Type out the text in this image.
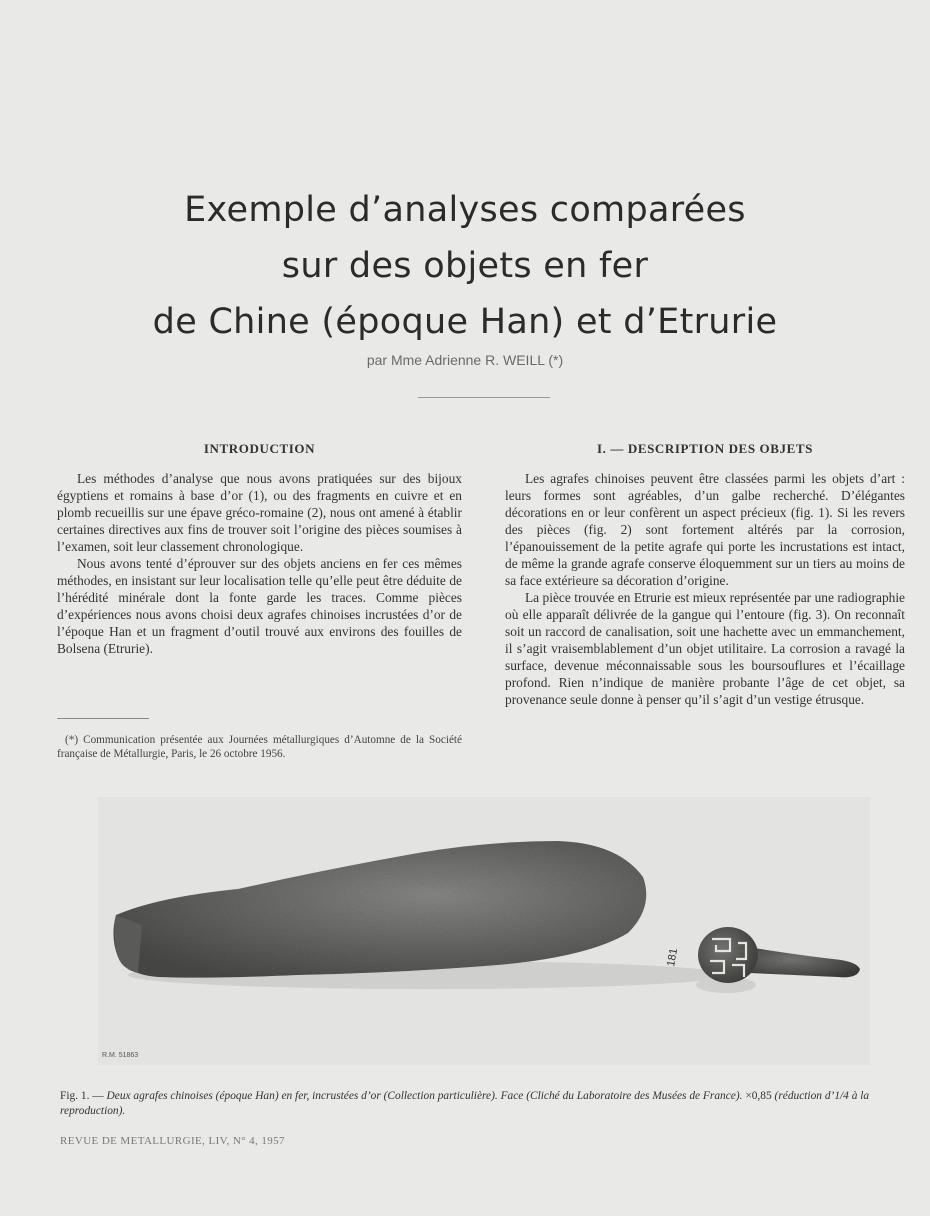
Exemple d’analyses comparées
sur des objets en fer
de Chine (époque Han) et d’Etrurie
par Mme Adrienne R. WEILL (*)
INTRODUCTION

Les méthodes d’analyse que nous avons pratiquées sur des bijoux égyptiens et romains à base d’or (1), ou des fragments en cuivre et en plomb recueillis sur une épave gréco-romaine (2), nous ont amené à établir certaines directives aux fins de trouver soit l’origine des pièces soumises à l’examen, soit leur classement chronologique.

Nous avons tenté d’éprouver sur des objets anciens en fer ces mêmes méthodes, en insistant sur leur localisation telle qu’elle peut être déduite de l’hérédité minérale dont la fonte garde les traces. Comme pièces d’expériences nous avons choisi deux agrafes chinoises incrustées d’or de l’époque Han et un fragment d’outil trouvé aux environs des fouilles de Bolsena (Etrurie).

(*) Communication présentée aux Journées métallurgiques d’Automne de la Société française de Métallurgie, Paris, le 26 octobre 1956.
I. — DESCRIPTION DES OBJETS

Les agrafes chinoises peuvent être classées parmi les objets d’art : leurs formes sont agréables, d’un galbe recherché. D’élégantes décorations en or leur confèrent un aspect précieux (fig. 1). Si les revers des pièces (fig. 2) sont fortement altérés par la corrosion, l’épanouissement de la petite agrafe qui porte les incrustations est intact, de même la grande agrafe conserve éloquemment sur un tiers au moins de sa face extérieure sa décoration d’origine.

La pièce trouvée en Etrurie est mieux représentée par une radiographie où elle apparaît délivrée de la gangue qui l’entoure (fig. 3). On reconnaît soit un raccord de canalisation, soit une hachette avec un emmanchement, il s’agit vraisemblablement d’un objet utilitaire. La corrosion a ravagé la surface, devenue méconnaissable sous les boursouflures et l’écaillage profond. Rien n’indique de manière probante l’âge de cet objet, sa provenance seule donne à penser qu’il s’agit d’un vestige étrusque.

181
R.M. 51863
Fig. 1. — Deux agrafes chinoises (époque Han) en fer, incrustées d’or (Collection particulière). Face (Cliché du Laboratoire des Musées de France). ×0,85 (réduction d’1/4 à la reproduction).
REVUE DE METALLURGIE, LIV, N° 4, 1957
